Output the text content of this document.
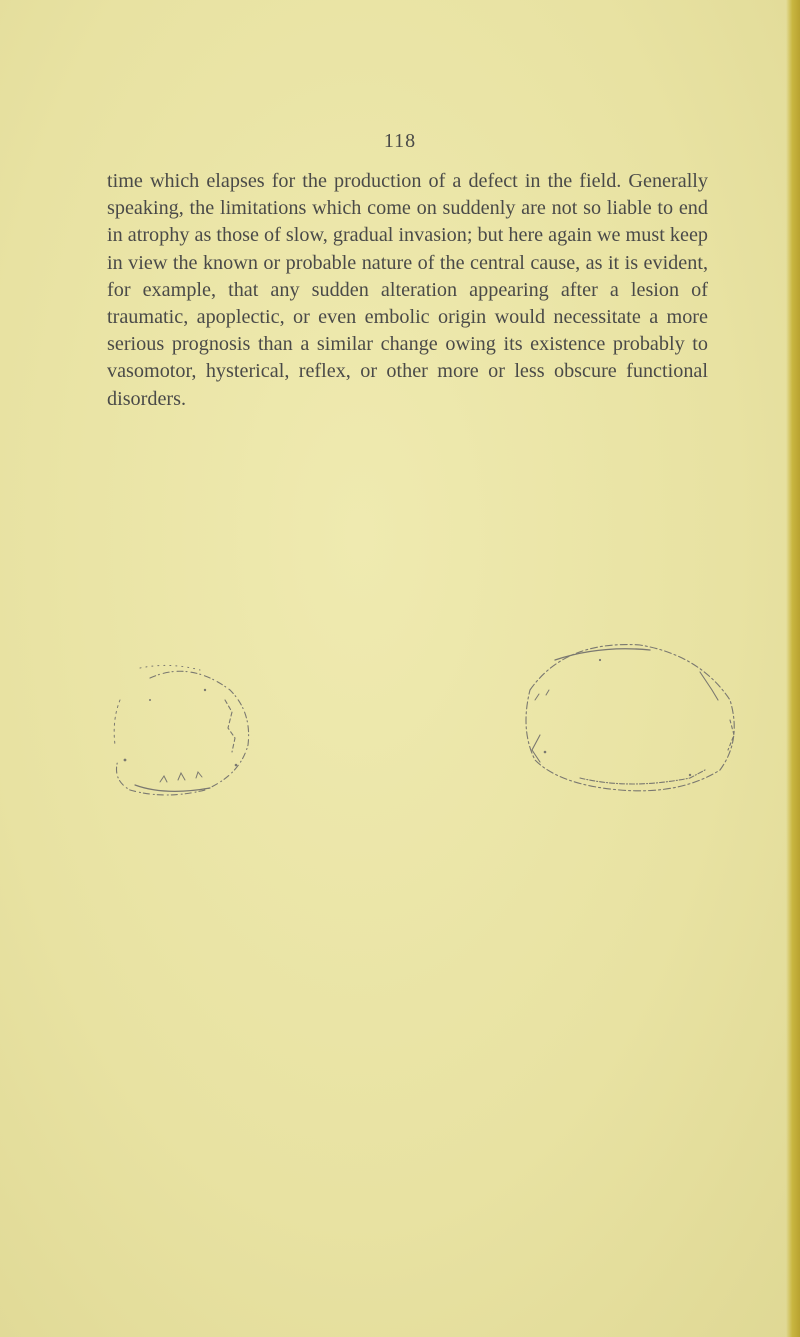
118

time which elapses for the production of a defect in the field. Generally speaking, the limitations which come on suddenly are not so liable to end in atrophy as those of slow, gradual invasion; but here again we must keep in view the known or probable nature of the central cause, as it is evident, for example, that any sudden alteration appearing after a lesion of traumatic, apoplectic, or even embolic origin would necessitate a more serious prognosis than a similar change owing its existence probably to vasomotor, hysterical, reflex, or other more or less obscure functional disorders.
